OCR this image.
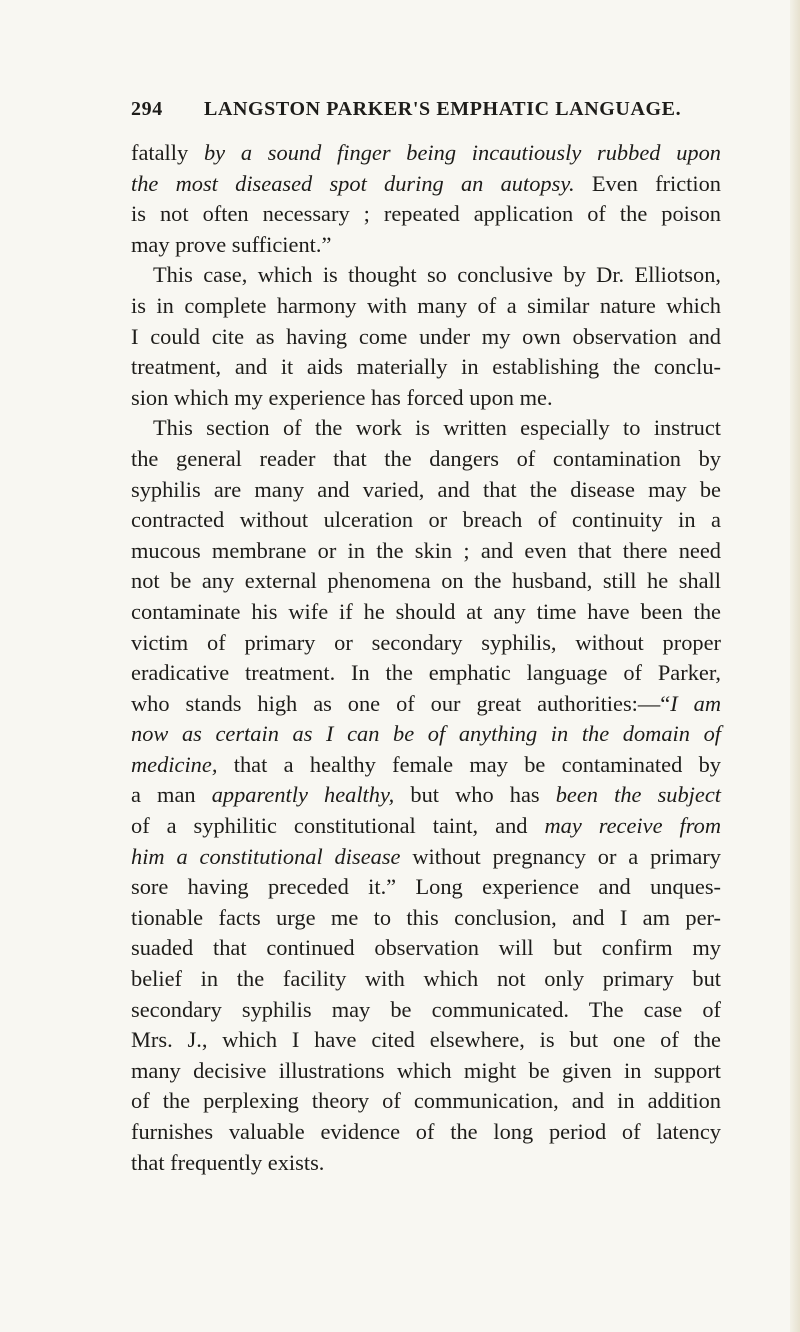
294 LANGSTON PARKER'S EMPHATIC LANGUAGE.
fatally by a sound finger being incautiously rubbed upon
the most diseased spot during an autopsy. Even friction
is not often necessary ; repeated application of the poison
may prove sufficient.”
This case, which is thought so conclusive by Dr. Elliotson,
is in complete harmony with many of a similar nature which
I could cite as having come under my own observation and
treatment, and it aids materially in establishing the conclu-
sion which my experience has forced upon me.
This section of the work is written especially to instruct
the general reader that the dangers of contamination by
syphilis are many and varied, and that the disease may be
contracted without ulceration or breach of continuity in a
mucous membrane or in the skin ; and even that there need
not be any external phenomena on the husband, still he shall
contaminate his wife if he should at any time have been the
victim of primary or secondary syphilis, without proper
eradicative treatment. In the emphatic language of Parker,
who stands high as one of our great authorities:—“I am
now as certain as I can be of anything in the domain of
medicine, that a healthy female may be contaminated by
a man apparently healthy, but who has been the subject
of a syphilitic constitutional taint, and may receive from
him a constitutional disease without pregnancy or a primary
sore having preceded it.” Long experience and unques-
tionable facts urge me to this conclusion, and I am per-
suaded that continued observation will but confirm my
belief in the facility with which not only primary but
secondary syphilis may be communicated. The case of
Mrs. J., which I have cited elsewhere, is but one of the
many decisive illustrations which might be given in support
of the perplexing theory of communication, and in addition
furnishes valuable evidence of the long period of latency
that frequently exists.
